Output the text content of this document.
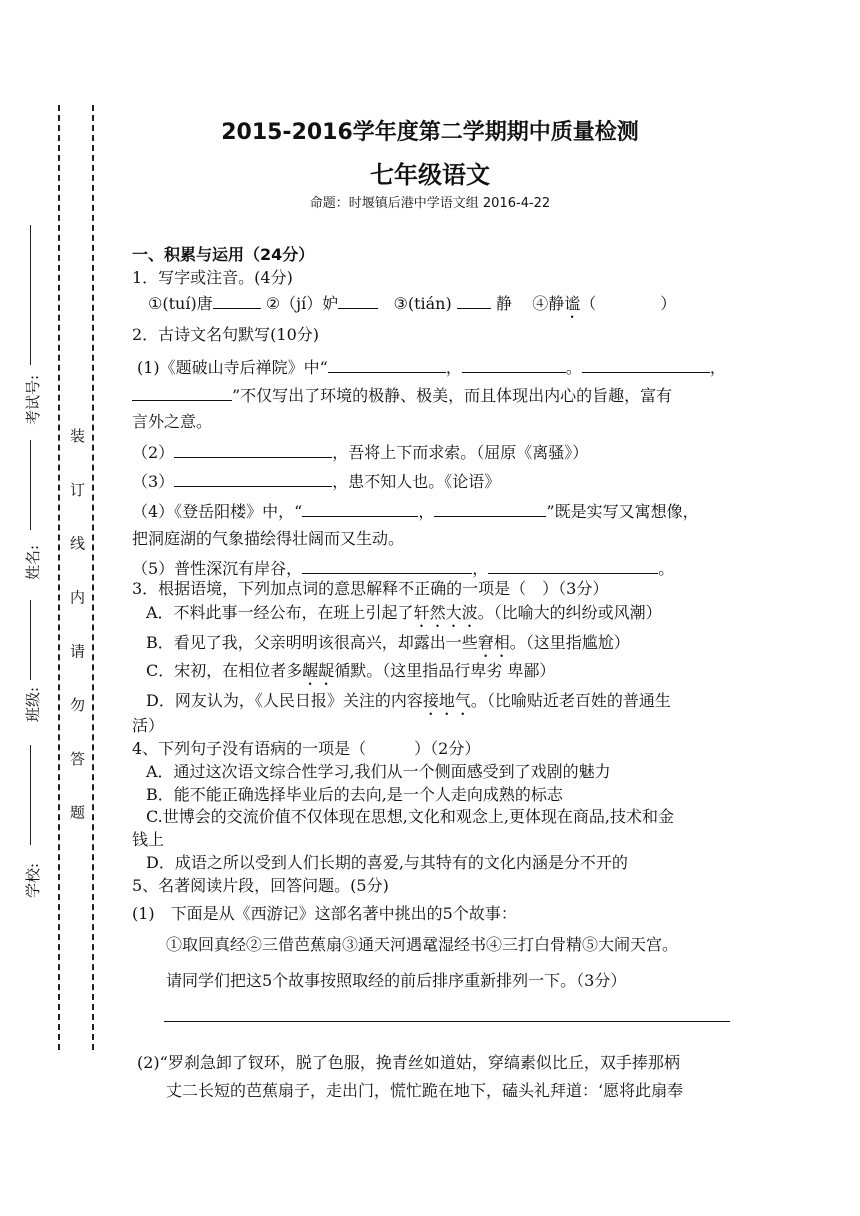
考试号:
姓名:
班级:
学校:
装 订 线 内 请 勿 答 题
2015-2016学年度第二学期期中质量检测
七年级语文
命题：时堰镇后港中学语文组 2016-4-22
一、积累与运用（24分）
1．写字或注音。(4分)
①(tuí)唐	②（jí）妒	③(tián)	静 ④静谧（	）
2．古诗文名句默写(10分)
(1)《题破山寺后禅院》中“	，	。	，
”不仅写出了环境的极静、极美，而且体现出内心的旨趣，富有
言外之意。
（2）	，吾将上下而求索。（屈原《离骚》）
（3）	，患不知人也。《论语》
（4）《登岳阳楼》中，“	，	”既是实写又寓想像，
把洞庭湖的气象描绘得壮阔而又生动。
（5）普性深沉有岸谷，	，	。
3．根据语境，下列加点词的意思解释不正确的一项是（　）（3分）
A．不料此事一经公布，在班上引起了轩然大波。（比喻大的纠纷或风潮）
B．看见了我，父亲明明该很高兴，却露出一些窘相。（这里指尴尬）
C．宋初，在相位者多龌龊循默。（这里指品行卑劣 卑鄙）
D．网友认为，《人民日报》关注的内容接地气。（比喻贴近老百姓的普通生
活）
4、下列句子没有语病的一项是（　　　）（2分）
A．通过这次语文综合性学习,我们从一个侧面感受到了戏剧的魅力
B．能不能正确选择毕业后的去向,是一个人走向成熟的标志
C.世博会的交流价值不仅体现在思想,文化和观念上,更体现在商品,技术和金
钱上
D．成语之所以受到人们长期的喜爱,与其特有的文化内涵是分不开的
5、名著阅读片段，回答问题。(5分)
(1)　下面是从《西游记》这部名著中挑出的5个故事：
①取回真经②三借芭蕉扇③通天河遇鼋湿经书④三打白骨精⑤大闹天宫。
请同学们把这5个故事按照取经的前后排序重新排列一下。（3分）
(2)“罗刹急卸了钗环，脱了色服，挽青丝如道姑，穿缟素似比丘，双手捧那柄
丈二长短的芭蕉扇子，走出门，慌忙跪在地下，磕头礼拜道：‘愿将此扇奉
